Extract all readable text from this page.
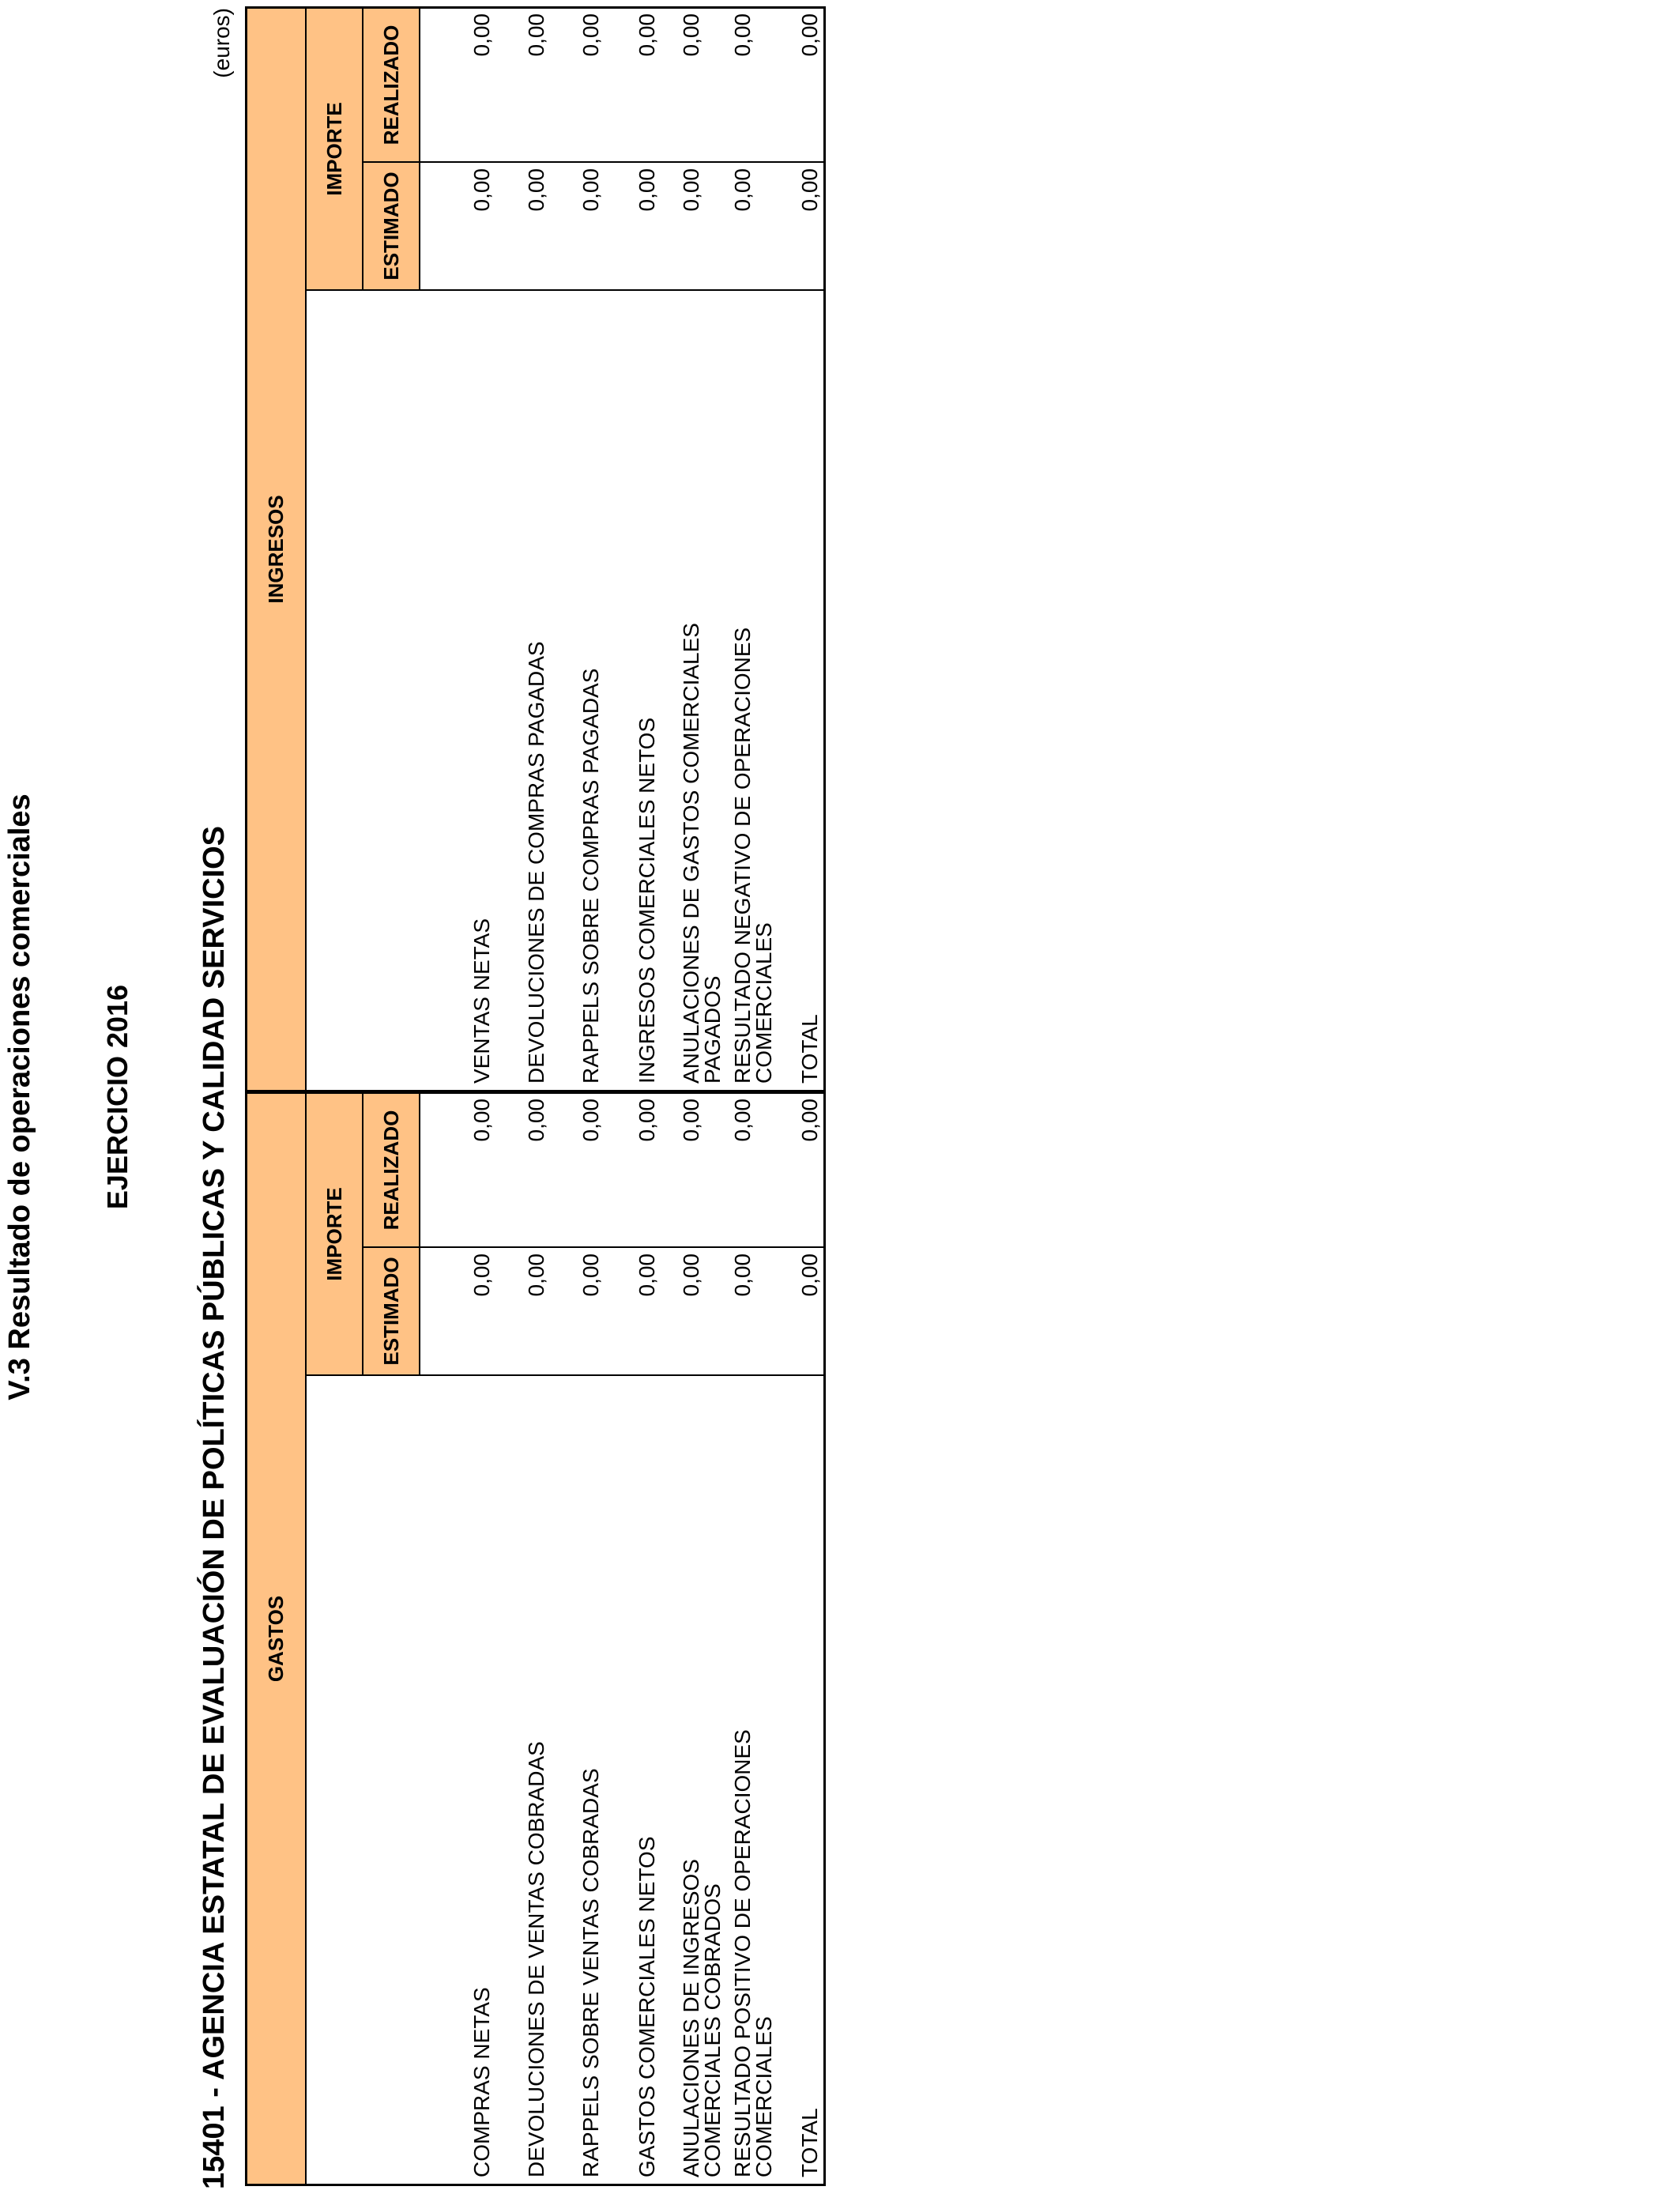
V.3 Resultado de operaciones comerciales EJERCICIO 2016 15401 - AGENCIA ESTATAL DE EVALUACIÓN DE POLÍTICAS PÚBLICAS Y CALIDAD SERVICIOS
(euros)
GASTOS
IMPORTE
ESTIMADO
REALIZADO
COMPRAS NETAS
0,00
0,00
DEVOLUCIONES DE VENTAS COBRADAS
0,00
0,00
RAPPELS SOBRE VENTAS COBRADAS
0,00
0,00
GASTOS COMERCIALES NETOS
0,00
0,00
ANULACIONES DE INGRESOS
COMERCIALES COBRADOS
0,00
0,00
RESULTADO POSITIVO DE OPERACIONES
COMERCIALES
0,00
0,00
TOTAL
0,00
0,00
INGRESOS
IMPORTE
ESTIMADO
REALIZADO
VENTAS NETAS
0,00
0,00
DEVOLUCIONES DE COMPRAS PAGADAS
0,00
0,00
RAPPELS SOBRE COMPRAS PAGADAS
0,00
0,00
INGRESOS COMERCIALES NETOS
0,00
0,00
ANULACIONES DE GASTOS COMERCIALES
PAGADOS
0,00
0,00
RESULTADO NEGATIVO DE OPERACIONES
COMERCIALES
0,00
0,00
TOTAL
0,00
0,00
